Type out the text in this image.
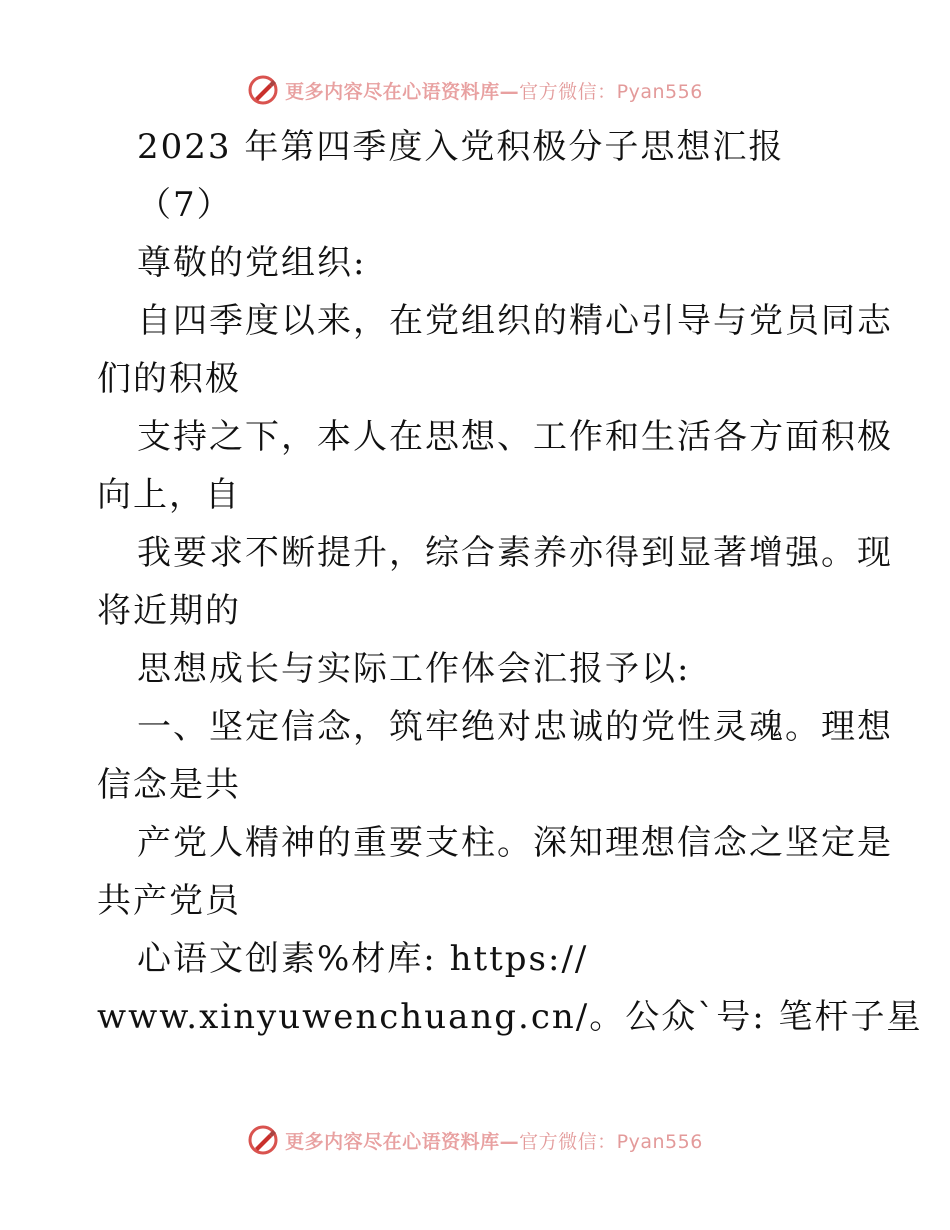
更多内容尽在心语资料库—官方微信：Pyan556
2023 年第四季度入党积极分子思想汇报
（7）
尊敬的党组织:
自四季度以来，在党组织的精心引导与党员同志
们的积极
支持之下，本人在思想、工作和生活各方面积极
向上，自
我要求不断提升，综合素养亦得到显著增强。现
将近期的
思想成长与实际工作体会汇报予以:
一、坚定信念，筑牢绝对忠诚的党性灵魂。理想
信念是共
产党人精神的重要支柱。深知理想信念之坚定是
共产党员
心语文创素%材库: https://
www.xinyuwenchuang.cn/。公众`号: 笔杆子星
更多内容尽在心语资料库—官方微信：Pyan556
